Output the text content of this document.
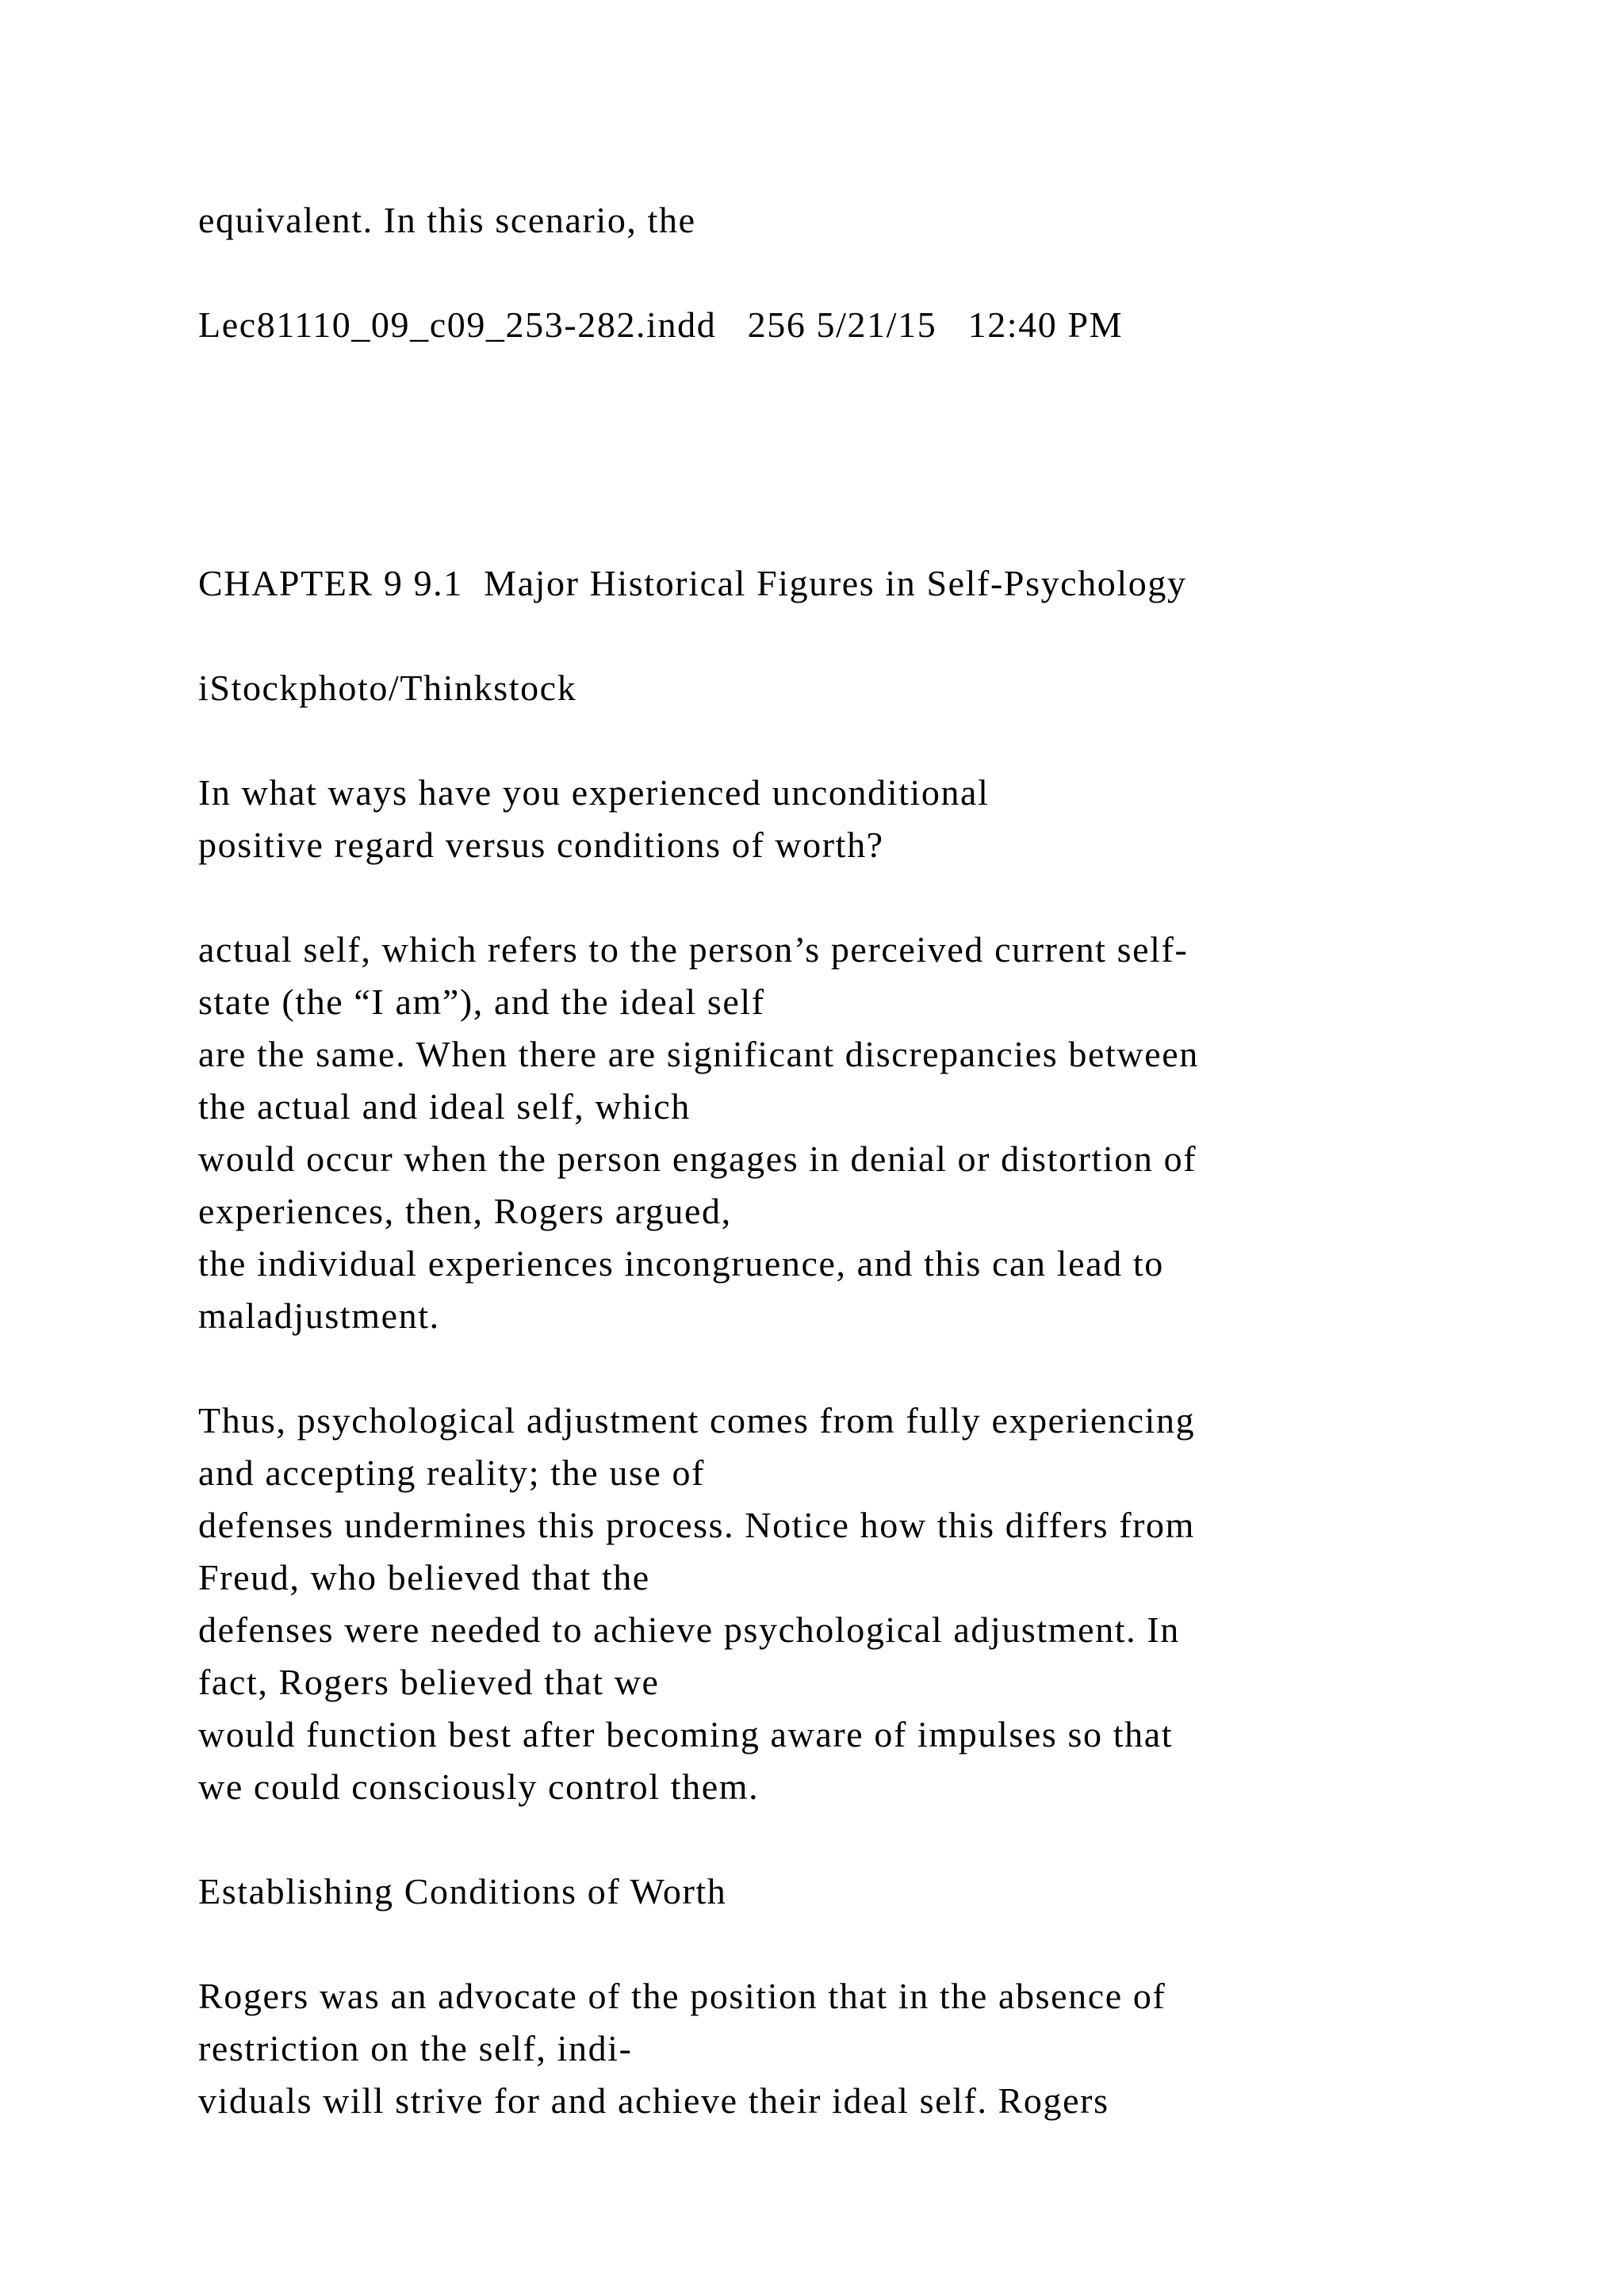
equivalent. In this scenario, the
Lec81110_09_c09_253-282.indd   256 5/21/15   12:40 PM
CHAPTER 9 9.1  Major Historical Figures in Self-Psychology
iStockphoto/Thinkstock
In what ways have you experienced unconditional
positive regard versus conditions of worth?
actual self, which refers to the person’s perceived current self-
state (the “I am”), and the ideal self
are the same. When there are significant discrepancies between
the actual and ideal self, which
would occur when the person engages in denial or distortion of
experiences, then, Rogers argued,
the individual experiences incongruence, and this can lead to
maladjustment.
Thus, psychological adjustment comes from fully experiencing
and accepting reality; the use of
defenses undermines this process. Notice how this differs from
Freud, who believed that the
defenses were needed to achieve psychological adjustment. In
fact, Rogers believed that we
would function best after becoming aware of impulses so that
we could consciously control them.
Establishing Conditions of Worth
Rogers was an advocate of the position that in the absence of
restriction on the self, indi-
viduals will strive for and achieve their ideal self. Rogers
